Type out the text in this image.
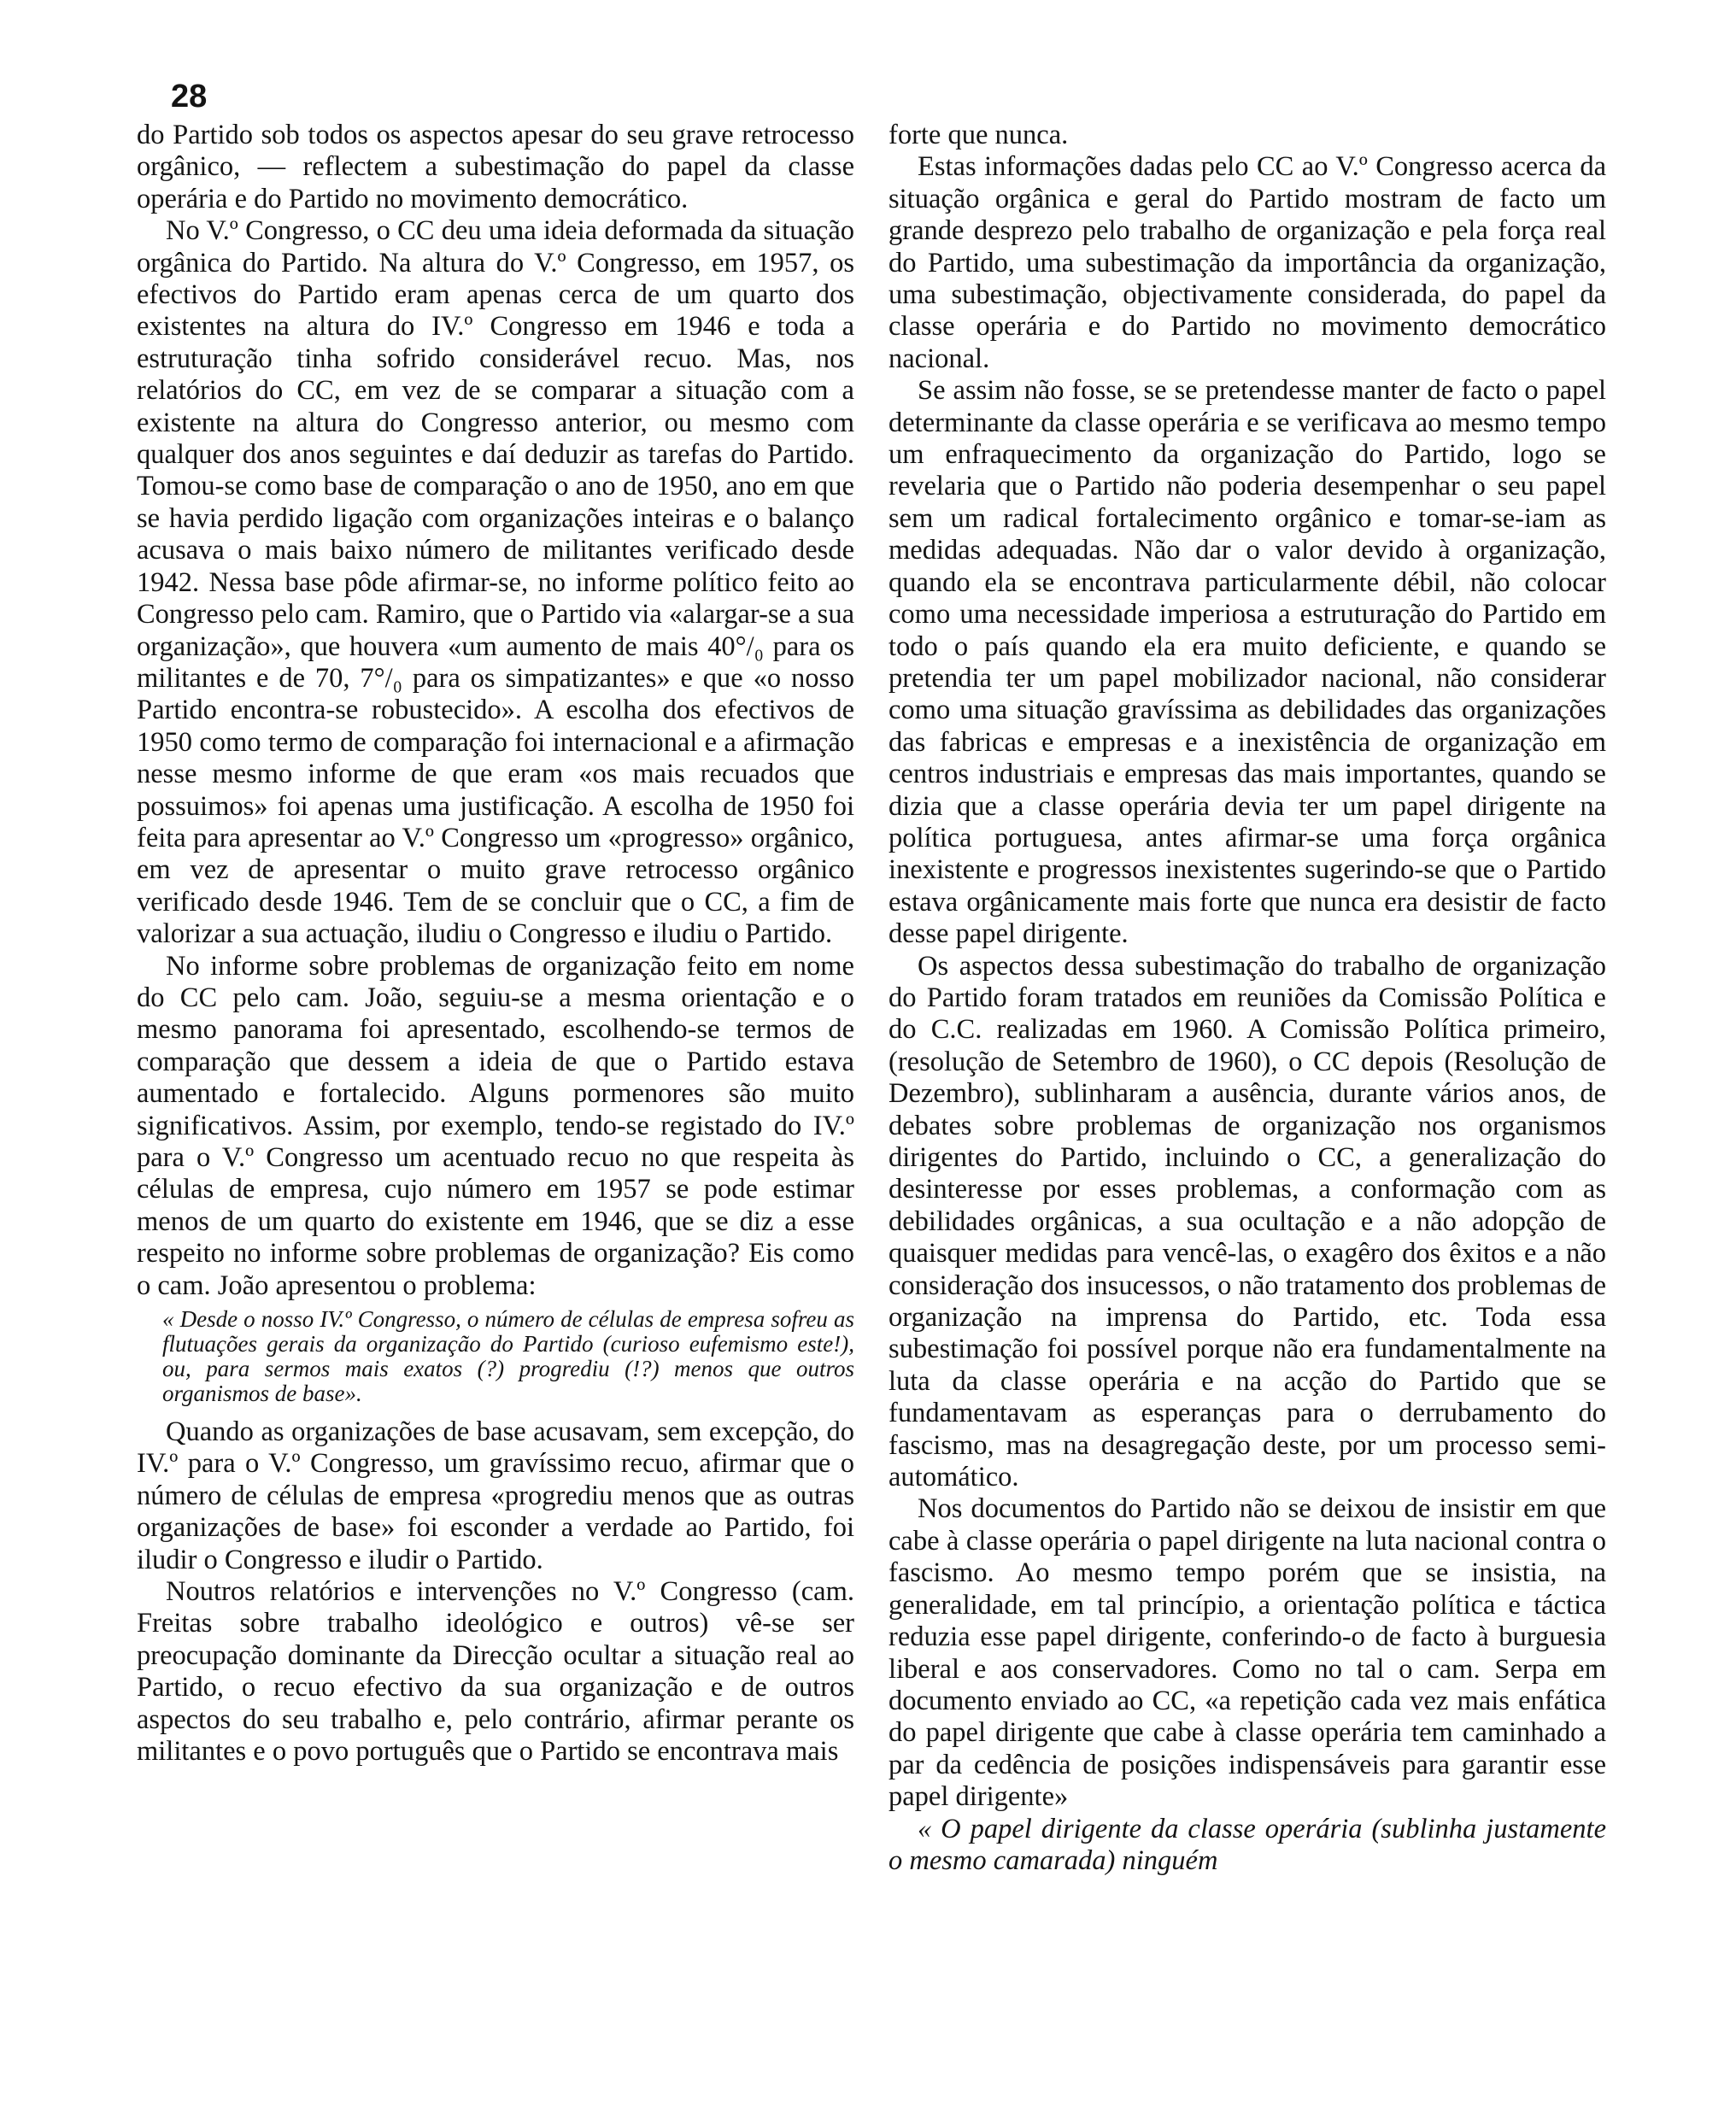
28

do Partido sob todos os aspectos apesar do seu grave retrocesso orgânico, — reflectem a subestimação do papel da classe operária e do Partido no movimento democrático.

No V.º Congresso, o CC deu uma ideia deformada da situação orgânica do Partido. Na altura do V.º Congresso, em 1957, os efectivos do Partido eram apenas cerca de um quarto dos existentes na altura do IV.º Congresso em 1946 e toda a estruturação tinha sofrido considerável recuo. Mas, nos relatórios do CC, em vez de se comparar a situação com a existente na altura do Congresso anterior, ou mesmo com qualquer dos anos seguintes e daí deduzir as tarefas do Partido. Tomou-se como base de comparação o ano de 1950, ano em que se havia perdido ligação com organizações inteiras e o balanço acusava o mais baixo número de militantes verificado desde 1942. Nessa base pôde afirmar-se, no informe político feito ao Congresso pelo cam. Ramiro, que o Partido via «alargar-se a sua organização», que houvera «um aumento de mais 40°/₀ para os militantes e de 70, 7°/₀ para os simpatizantes» e que «o nosso Partido encontra-se robustecido». A escolha dos efectivos de 1950 como termo de comparação foi internacional e a afirmação nesse mesmo informe de que eram «os mais recuados que possuimos» foi apenas uma justificação. A escolha de 1950 foi feita para apresentar ao V.º Congresso um «progresso» orgânico, em vez de apresentar o muito grave retrocesso orgânico verificado desde 1946. Tem de se concluir que o CC, a fim de valorizar a sua actuação, iludiu o Congresso e iludiu o Partido.

No informe sobre problemas de organização feito em nome do CC pelo cam. João, seguiu-se a mesma orientação e o mesmo panorama foi apresentado, escolhendo-se termos de comparação que dessem a ideia de que o Partido estava aumentado e fortalecido. Alguns pormenores são muito significativos. Assim, por exemplo, tendo-se registado do IV.º para o V.º Congresso um acentuado recuo no que respeita às células de empresa, cujo número em 1957 se pode estimar menos de um quarto do existente em 1946, que se diz a esse respeito no informe sobre problemas de organização? Eis como o cam. João apresentou o problema:

« Desde o nosso IV.º Congresso, o número de células de empresa sofreu as flutuações gerais da organização do Partido (curioso eufemismo este!), ou, para sermos mais exatos (?) progrediu (!?) menos que outros organismos de base».

Quando as organizações de base acusavam, sem excepção, do IV.º para o V.º Congresso, um gravíssimo recuo, afirmar que o número de células de empresa «progrediu menos que as outras organizações de base» foi esconder a verdade ao Partido, foi iludir o Congresso e iludir o Partido.

Noutros relatórios e intervenções no V.º Congresso (cam. Freitas sobre trabalho ideológico e outros) vê-se ser preocupação dominante da Direcção ocultar a situação real ao Partido, o recuo efectivo da sua organização e de outros aspectos do seu trabalho e, pelo contrário, afirmar perante os militantes e o povo português que o Partido se encontrava mais

forte que nunca.

Estas informações dadas pelo CC ao V.º Congresso acerca da situação orgânica e geral do Partido mostram de facto um grande desprezo pelo trabalho de organização e pela força real do Partido, uma subestimação da importância da organização, uma subestimação, objectivamente considerada, do papel da classe operária e do Partido no movimento democrático nacional.

Se assim não fosse, se se pretendesse manter de facto o papel determinante da classe operária e se verificava ao mesmo tempo um enfraquecimento da organização do Partido, logo se revelaria que o Partido não poderia desempenhar o seu papel sem um radical fortalecimento orgânico e tomar-se-iam as medidas adequadas. Não dar o valor devido à organização, quando ela se encontrava particularmente débil, não colocar como uma necessidade imperiosa a estruturação do Partido em todo o país quando ela era muito deficiente, e quando se pretendia ter um papel mobilizador nacional, não considerar como uma situação gravíssima as debilidades das organizações das fabricas e empresas e a inexistência de organização em centros industriais e empresas das mais importantes, quando se dizia que a classe operária devia ter um papel dirigente na política portuguesa, antes afirmar-se uma força orgânica inexistente e progressos inexistentes sugerindo-se que o Partido estava orgânicamente mais forte que nunca era desistir de facto desse papel dirigente.

Os aspectos dessa subestimação do trabalho de organização do Partido foram tratados em reuniões da Comissão Política e do C.C. realizadas em 1960. A Comissão Política primeiro, (resolução de Setembro de 1960), o CC depois (Resolução de Dezembro), sublinharam a ausência, durante vários anos, de debates sobre problemas de organização nos organismos dirigentes do Partido, incluindo o CC, a generalização do desinteresse por esses problemas, a conformação com as debilidades orgânicas, a sua ocultação e a não adopção de quaisquer medidas para vencê-las, o exagêro dos êxitos e a não consideração dos insucessos, o não tratamento dos problemas de organização na imprensa do Partido, etc. Toda essa subestimação foi possível porque não era fundamentalmente na luta da classe operária e na acção do Partido que se fundamentavam as esperanças para o derrubamento do fascismo, mas na desagregação deste, por um processo semi-automático.

Nos documentos do Partido não se deixou de insistir em que cabe à classe operária o papel dirigente na luta nacional contra o fascismo. Ao mesmo tempo porém que se insistia, na generalidade, em tal princípio, a orientação política e táctica reduzia esse papel dirigente, conferindo-o de facto à burguesia liberal e aos conservadores. Como no tal o cam. Serpa em documento enviado ao CC, «a repetição cada vez mais enfática do papel dirigente que cabe à classe operária tem caminhado a par da cedência de posições indispensáveis para garantir esse papel dirigente»

« O papel dirigente da classe operária (sublinha justamente o mesmo camarada) ninguém
